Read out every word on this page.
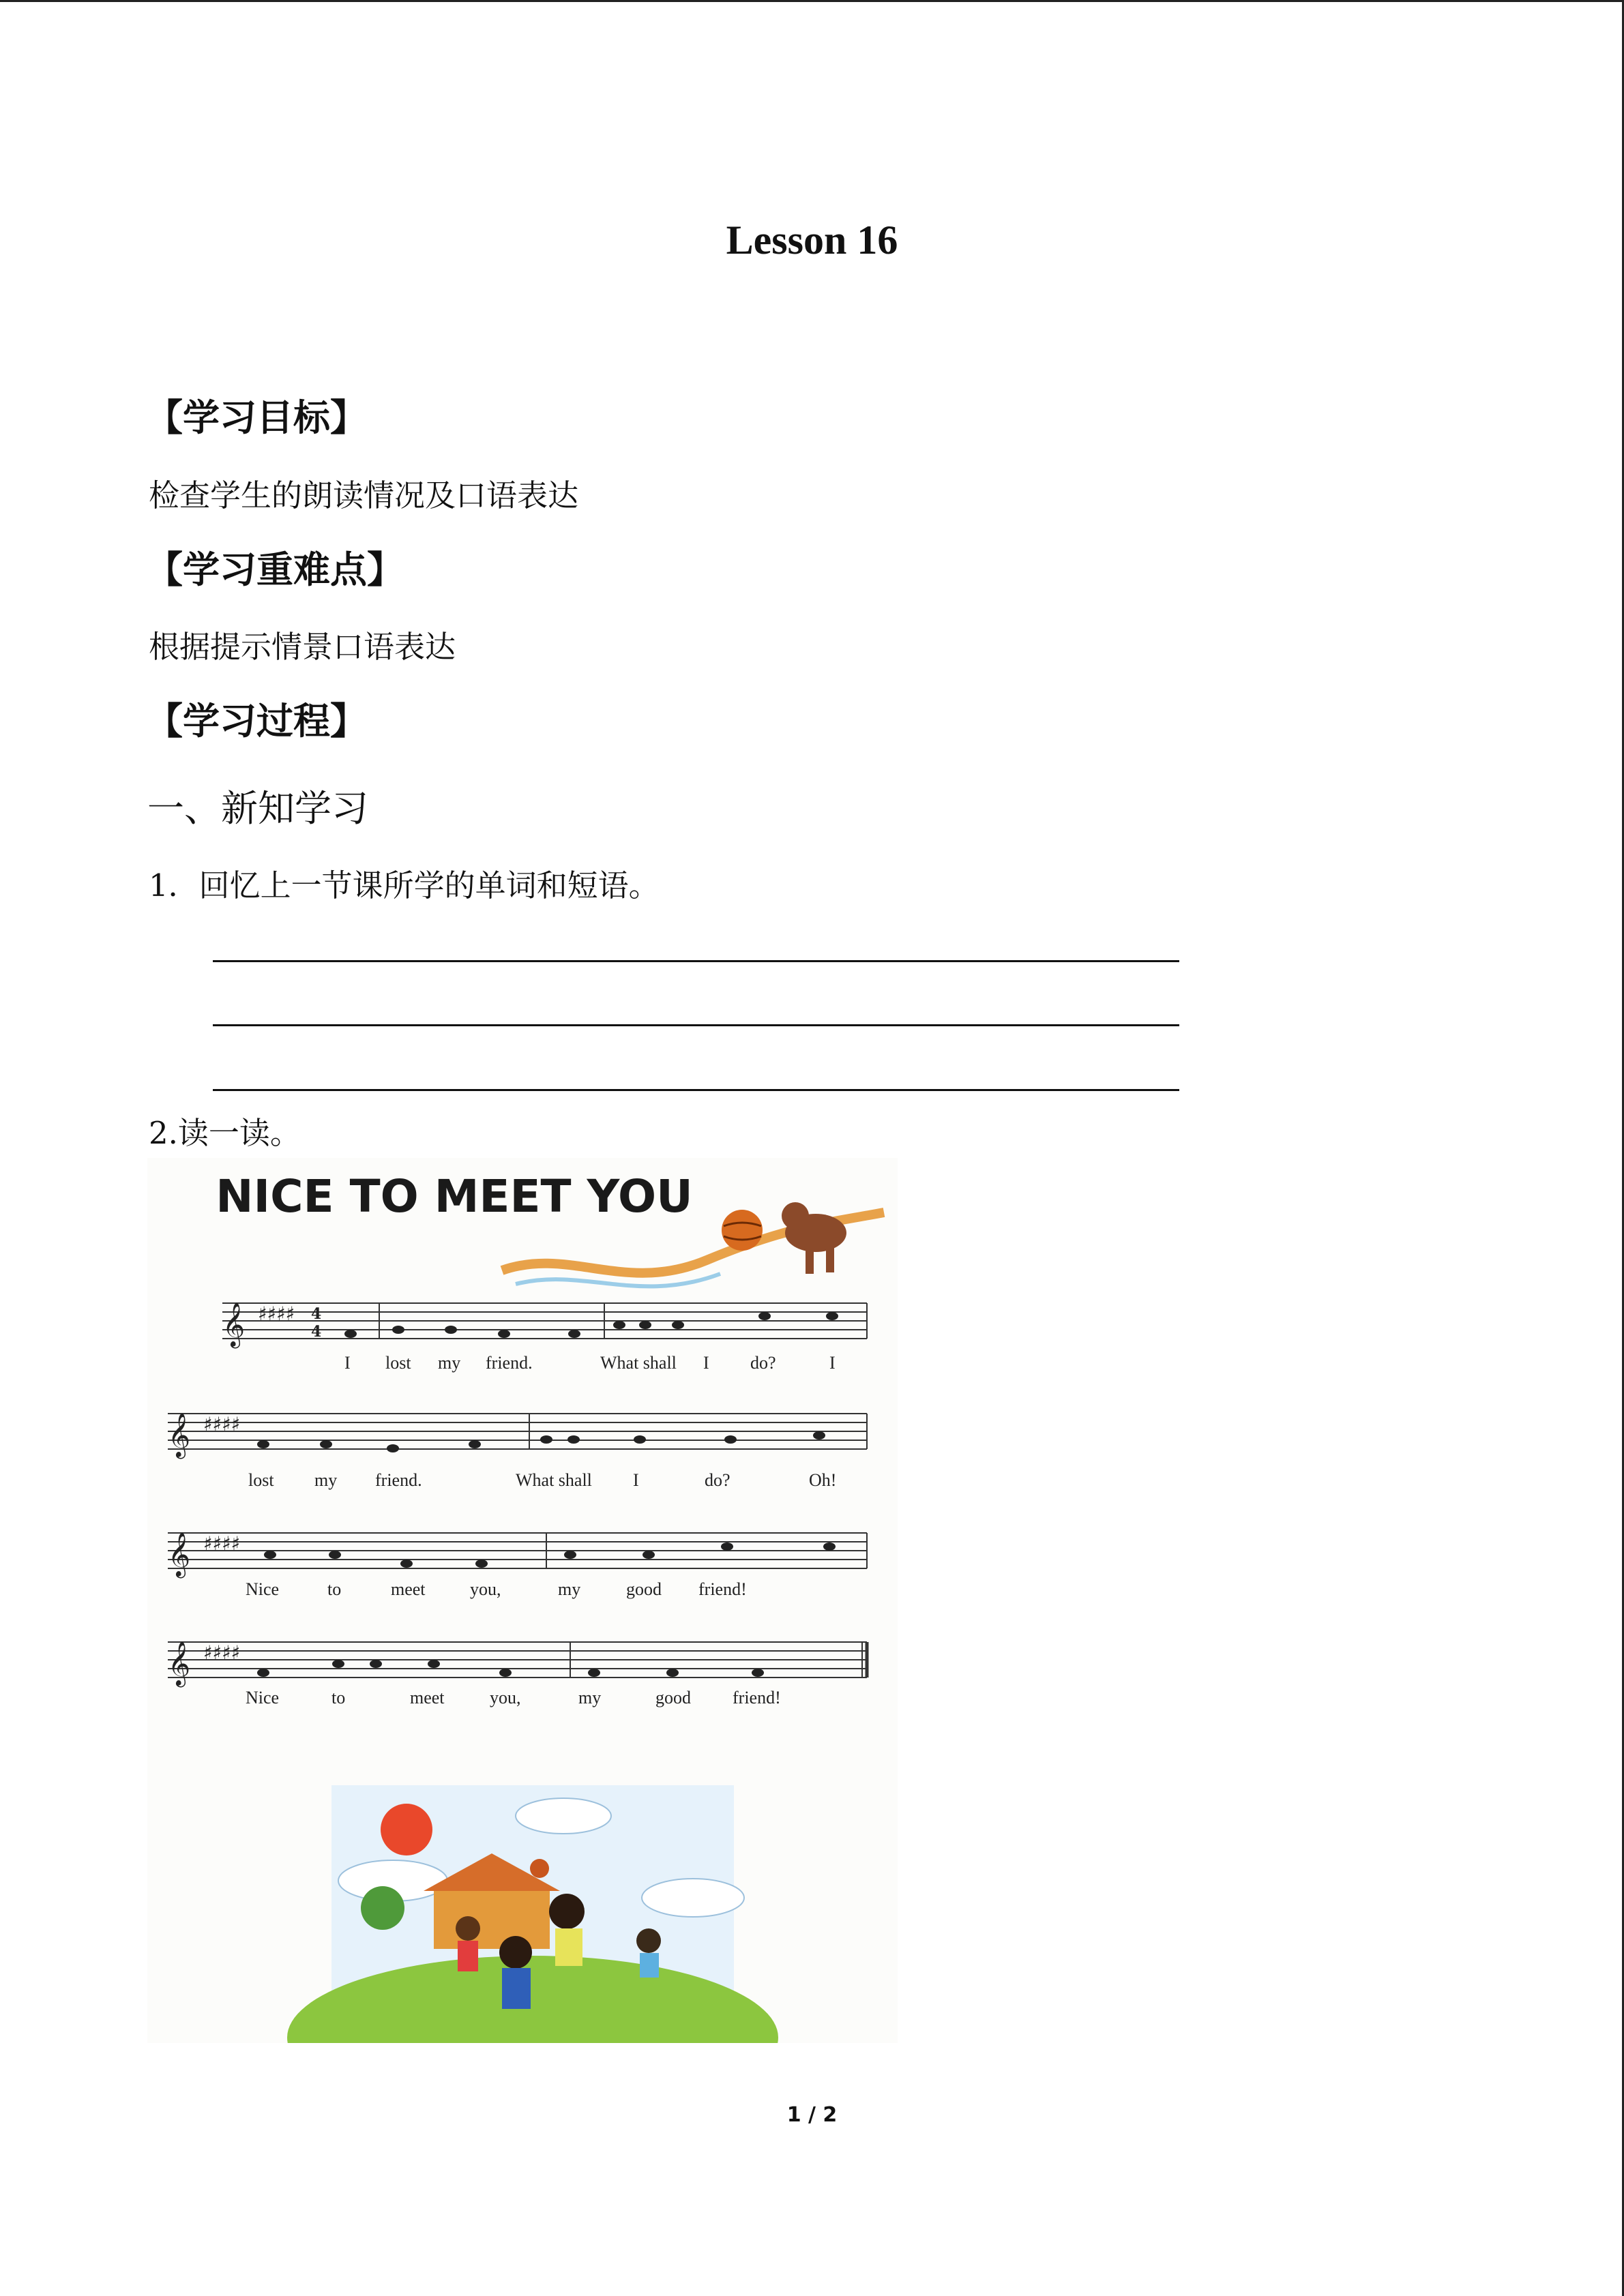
Lesson 16
【学习目标】
检查学生的朗读情况及口语表达
【学习重难点】
根据提示情景口语表达
【学习过程】
一、新知学习
1．回忆上一节课所学的单词和短语。
2.读一读。
NICE TO MEET YOU
𝄞 ♯♯♯♯ 4
4
𝄞 ♯♯♯♯
𝄞 ♯♯♯♯
𝄞 ♯♯♯♯
I lost my friend.	What shall I do?	I
lost my friend.	What shall I	do?	Oh!
Nice	to	meet	you,	my	good friend!
Nice	to	meet	you,	my	good friend!
1 / 2
